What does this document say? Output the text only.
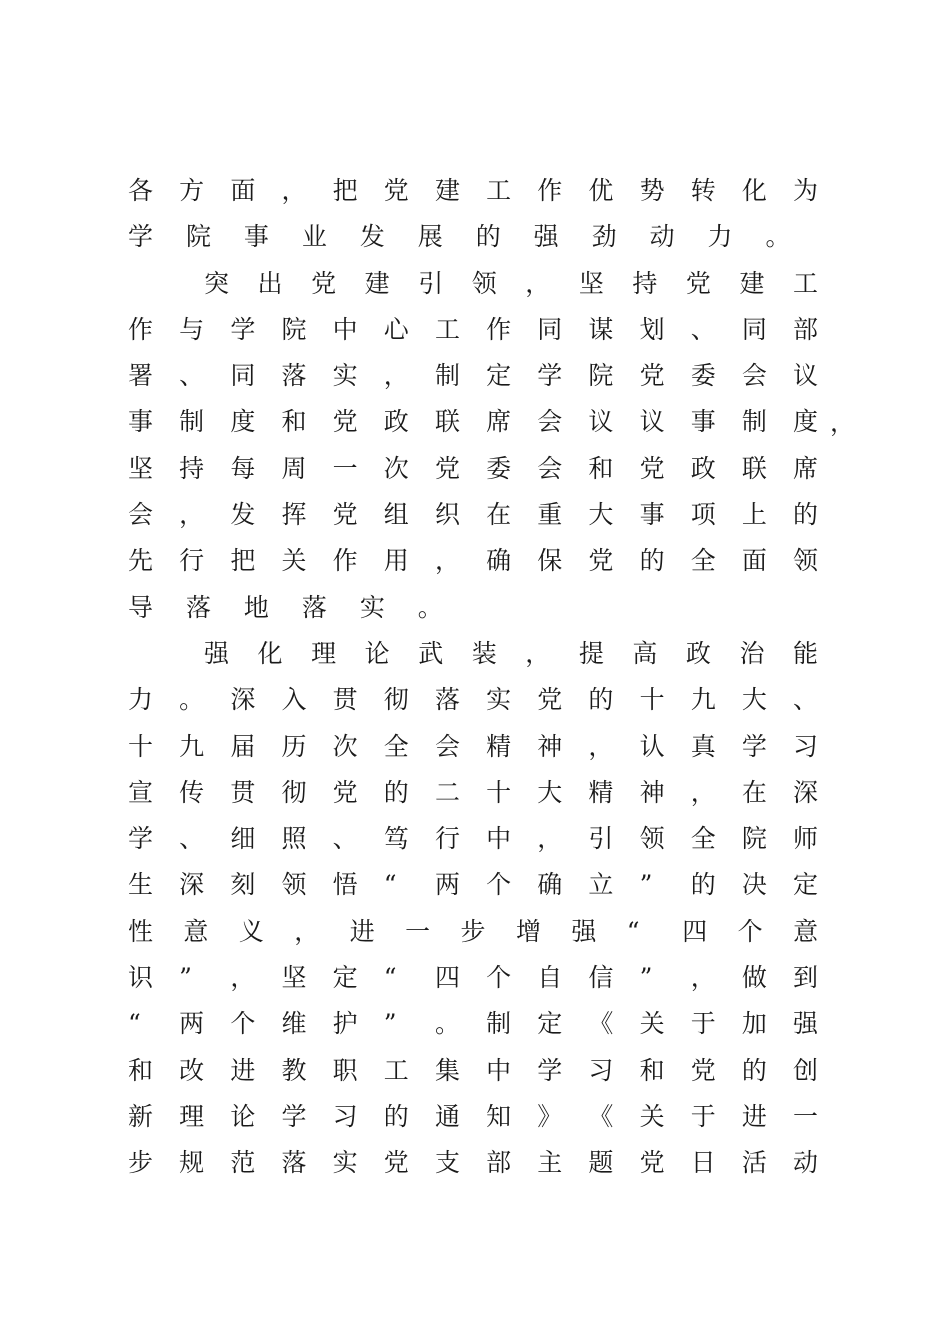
各 方 面 ， 把 党 建 工 作 优 势 转 化 为
学 院 事 业 发 展 的 强 劲 动 力 。
突 出 党 建 引 领 ， 坚 持 党 建 工
作 与 学 院 中 心 工 作 同 谋 划 、 同 部
署 、 同 落 实 ， 制 定 学 院 党 委 会 议
事 制 度 和 党 政 联 席 会 议 议 事 制 度
坚 持 每 周 一 次 党 委 会 和 党 政 联 席
会 ， 发 挥 党 组 织 在 重 大 事 项 上 的
先 行 把 关 作 用 ， 确 保 党 的 全 面 领
导 落 地 落 实 。
强 化 理 论 武 装 ， 提 高 政 治 能
力 。 深 入 贯 彻 落 实 党 的 十 九 大 、
十 九 届 历 次 全 会 精 神 ， 认 真 学 习
宣 传 贯 彻 党 的 二 十 大 精 神 ， 在 深
学 、 细 照 、 笃 行 中 ， 引 领 全 院 师
生 深 刻 领 悟 “ 两 个 确 立 ” 的 决 定
性 意 义 ， 进 一 步 增 强 “ 四 个 意
识 ” ， 坚 定 “ 四 个 自 信 ” ， 做 到
“ 两 个 维 护 ” 。 制 定 《 关 于 加 强
和 改 进 教 职 工 集 中 学 习 和 党 的 创
新 理 论 学 习 的 通 知 》 《 关 于 进 一
步 规 范 落 实 党 支 部 主 题 党 日 活 动
，
